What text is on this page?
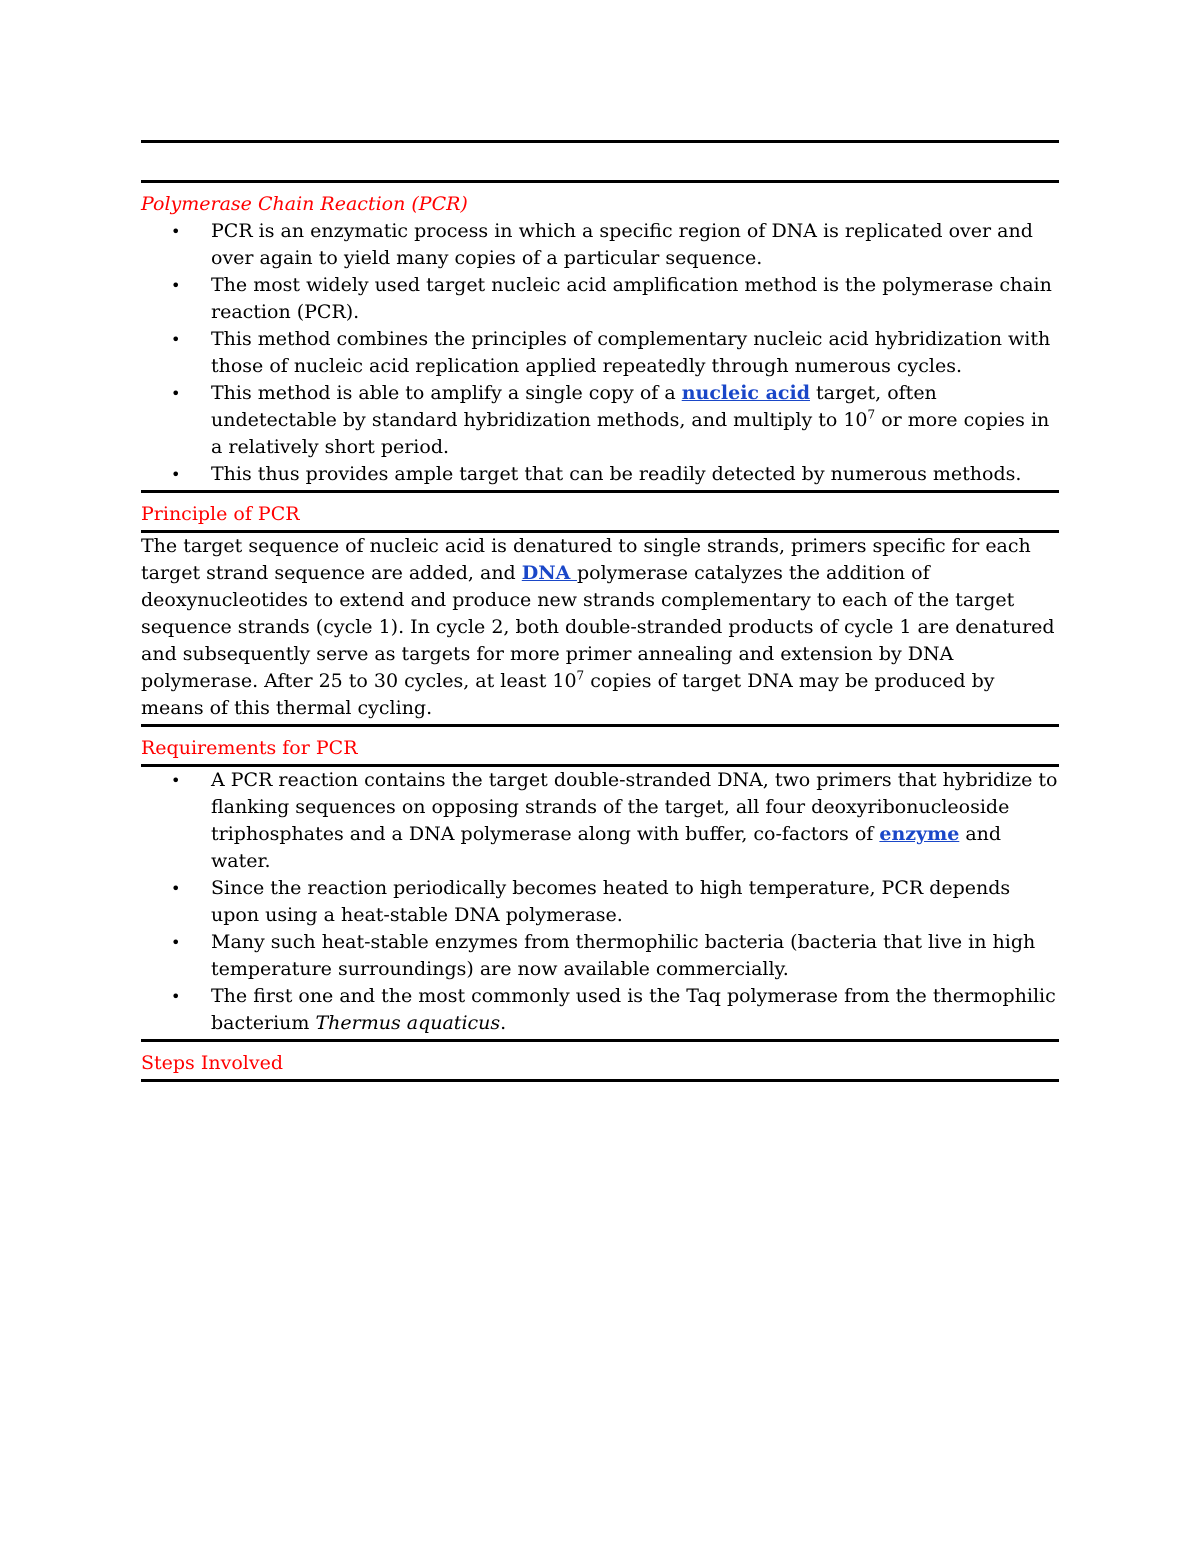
Polymerase Chain Reaction (PCR)
• PCR is an enzymatic process in which a specific region of DNA is replicated over and over again to yield many copies of a particular sequence.
• The most widely used target nucleic acid amplification method is the polymerase chain reaction (PCR).
• This method combines the principles of complementary nucleic acid hybridization with those of nucleic acid replication applied repeatedly through numerous cycles.
• This method is able to amplify a single copy of a nucleic acid target, often undetectable by standard hybridization methods, and multiply to $10^7$ or more copies in a relatively short period.
• This thus provides ample target that can be readily detected by numerous methods.
Principle of PCR

The target sequence of nucleic acid is denatured to single strands, primers specific for each target strand sequence are added, and DNA polymerase catalyzes the addition of deoxynucleotides to extend and produce new strands complementary to each of the target sequence strands (cycle 1). In cycle 2, both double-stranded products of cycle 1 are denatured and subsequently serve as targets for more primer annealing and extension by DNA polymerase. After 25 to 30 cycles, at least $10^7$ copies of target DNA may be produced by means of this thermal cycling.

Requirements for PCR
• A PCR reaction contains the target double-stranded DNA, two primers that hybridize to flanking sequences on opposing strands of the target, all four deoxyribonucleoside triphosphates and a DNA polymerase along with buffer, co-factors of enzyme and water.
• Since the reaction periodically becomes heated to high temperature, PCR depends upon using a heat-stable DNA polymerase.
• Many such heat-stable enzymes from thermophilic bacteria (bacteria that live in high temperature surroundings) are now available commercially.
• The first one and the most commonly used is the Taq polymerase from the thermophilic bacterium Thermus aquaticus.
Steps Involved
